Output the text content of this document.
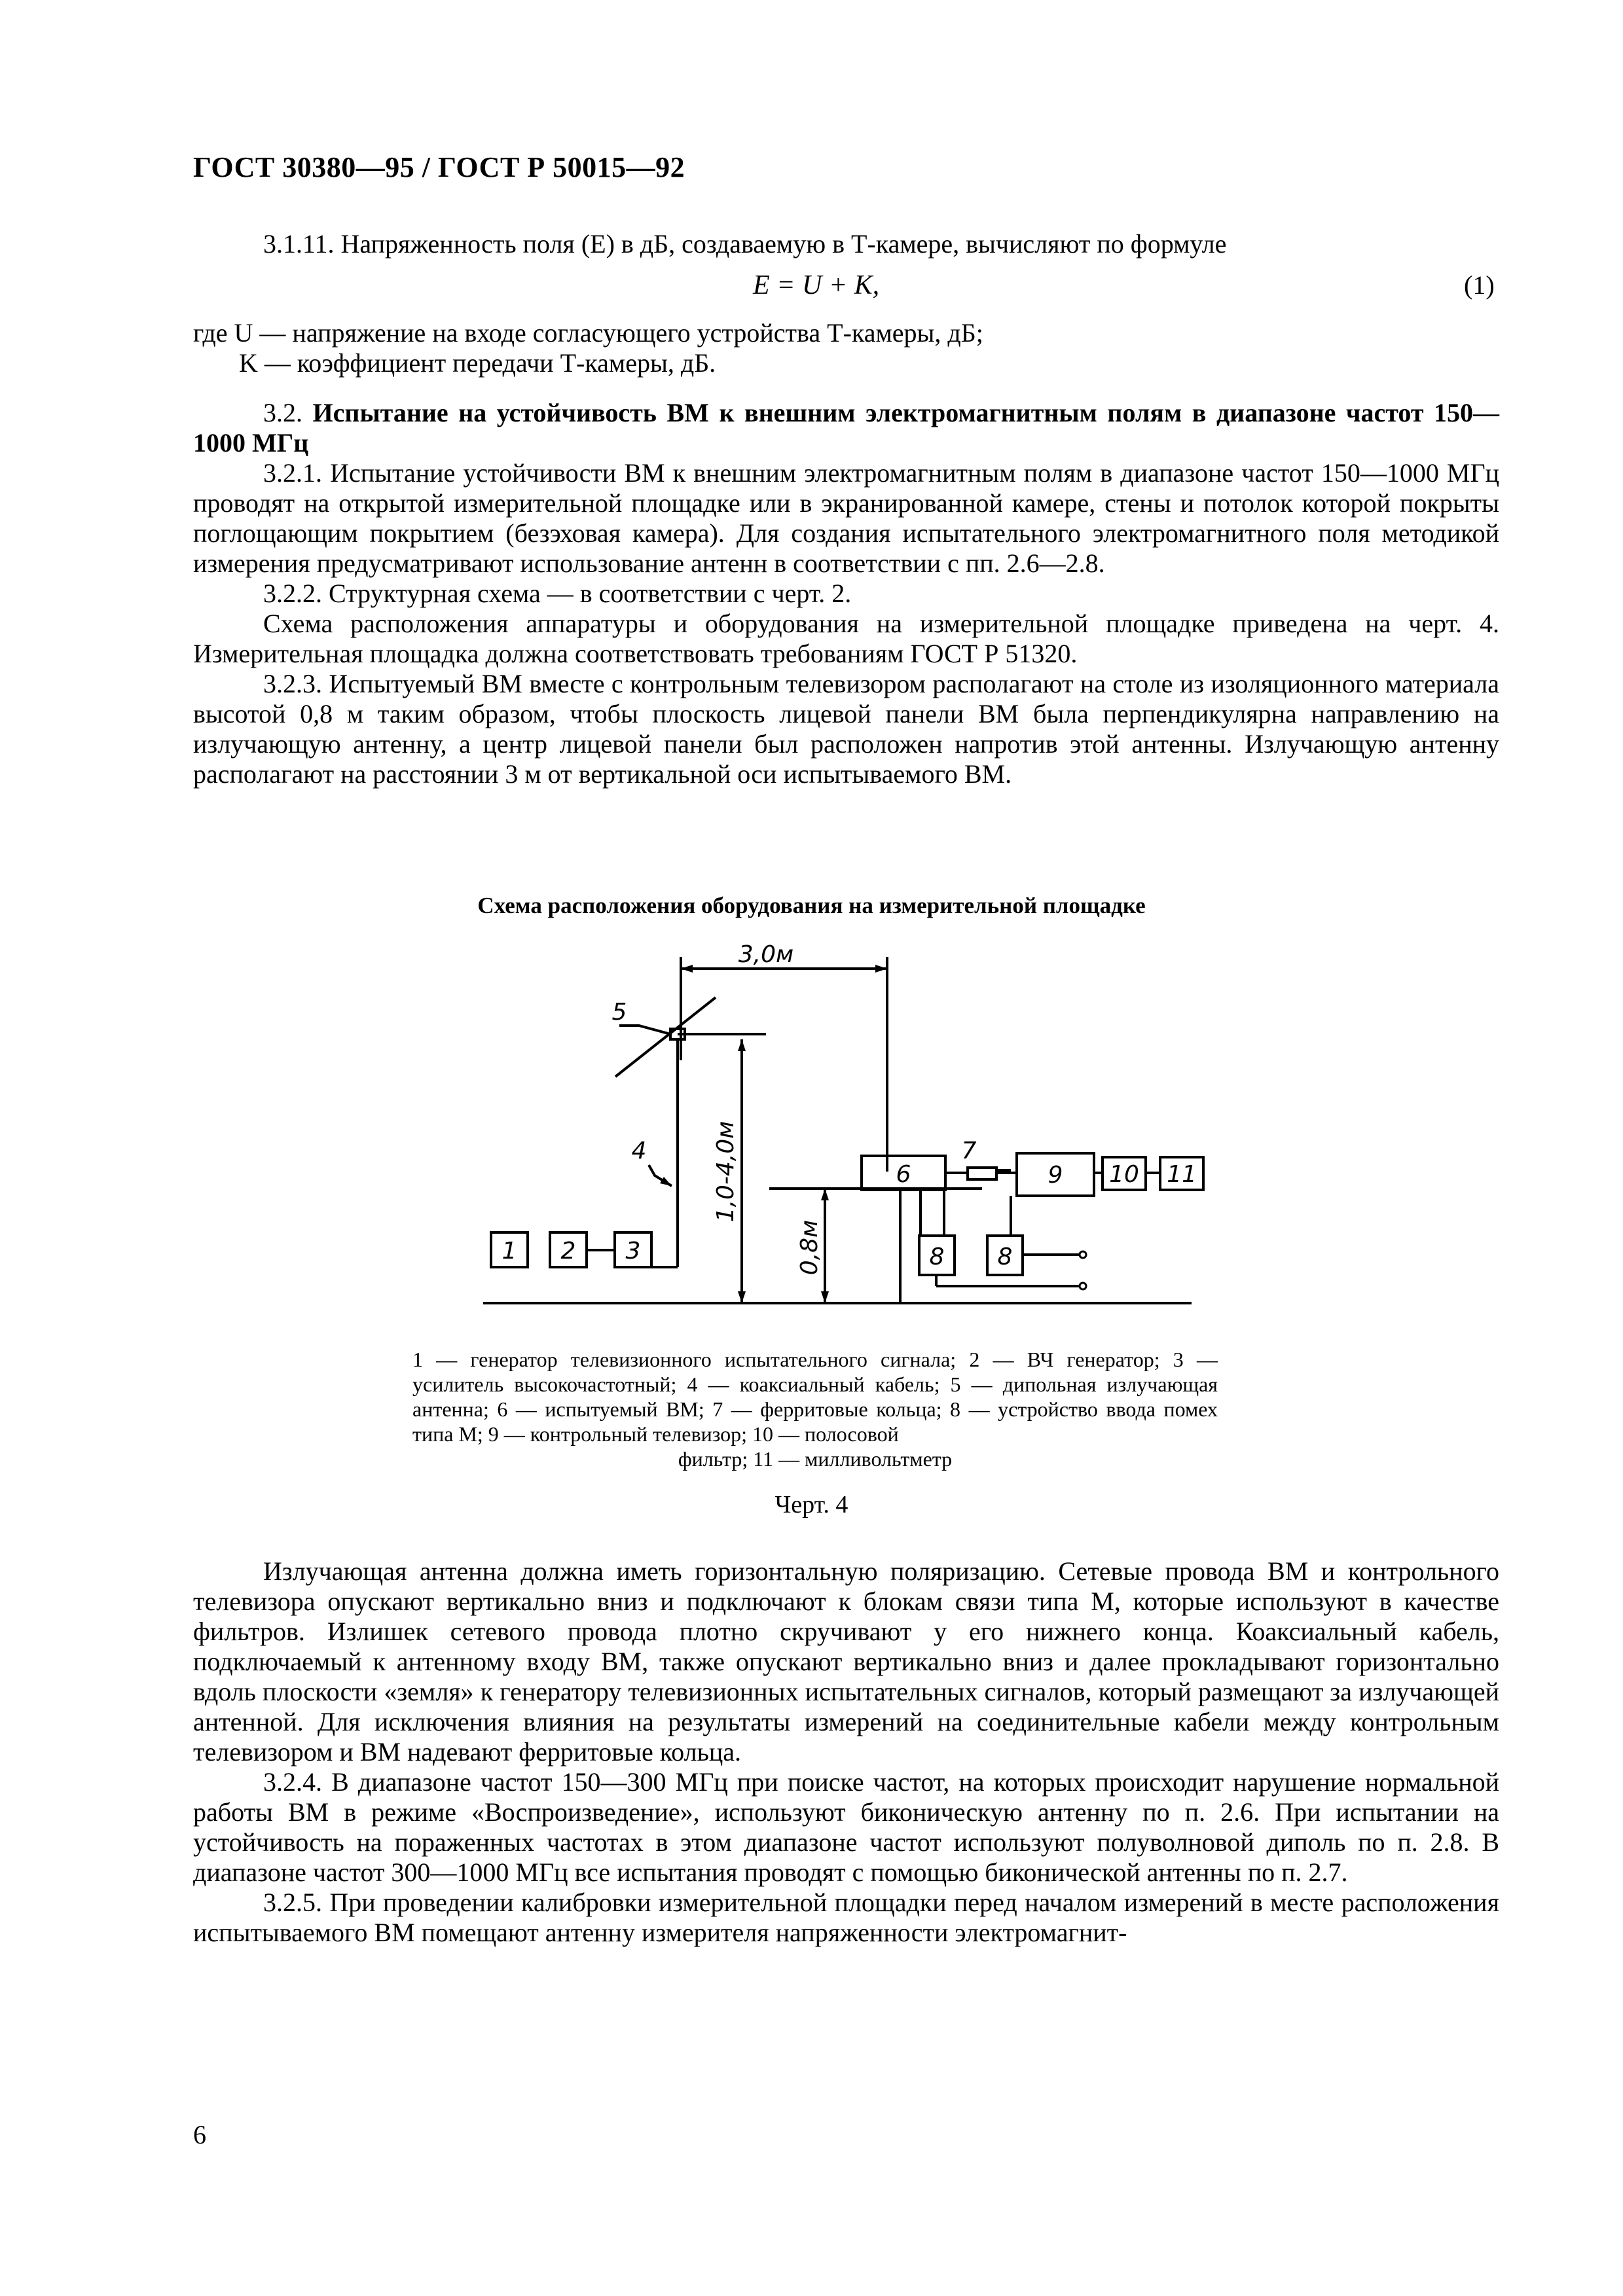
ГОСТ 30380—95 / ГОСТ Р 50015—92

3.1.11. Напряженность поля (E) в дБ, создаваемую в Т-камере, вычисляют по формуле

E = U + K,	(1)

где U — напряжение на входе согласующего устройства Т-камеры, дБ;

K — коэффициент передачи Т-камеры, дБ.

3.2. Испытание на устойчивость ВМ к внешним электромагнитным полям в диапазоне частот 150—1000 МГц

3.2.1. Испытание устойчивости ВМ к внешним электромагнитным полям в диапазоне частот 150—1000 МГц проводят на открытой измерительной площадке или в экранированной камере, стены и потолок которой покрыты поглощающим покрытием (безэховая камера). Для создания испытательного электромагнитного поля методикой измерения предусматривают использование антенн в соответствии с пп. 2.6—2.8.

3.2.2. Структурная схема — в соответствии с черт. 2.

Схема расположения аппаратуры и оборудования на измерительной площадке приведена на черт. 4. Измерительная площадка должна соответствовать требованиям ГОСТ Р 51320.

3.2.3. Испытуемый ВМ вместе с контрольным телевизором располагают на столе из изоляционного материала высотой 0,8 м таким образом, чтобы плоскость лицевой панели ВМ была перпендикулярна направлению на излучающую антенну, а центр лицевой панели был расположен напротив этой антенны. Излучающую антенну располагают на расстоянии 3 м от вертикальной оси испытываемого ВМ.

Схема расположения оборудования на измерительной площадке
3,0м
1,0-4,0м
0,8м
1 2 3
4
5
6
7
8 8
9 10 11

1 — генератор телевизионного испытательного сигнала; 2 — ВЧ генератор; 3 — усилитель высокочастотный; 4 — коаксиальный кабель; 5 — дипольная излучающая антенна; 6 — испытуемый ВМ; 7 — ферритовые кольца; 8 — устройство ввода помех типа М; 9 — контрольный телевизор; 10 — полосовой

фильтр; 11 — милливольтметр

Черт. 4

Излучающая антенна должна иметь горизонтальную поляризацию. Сетевые провода ВМ и контрольного телевизора опускают вертикально вниз и подключают к блокам связи типа М, которые используют в качестве фильтров. Излишек сетевого провода плотно скручивают у его нижнего конца. Коаксиальный кабель, подключаемый к антенному входу ВМ, также опускают вертикально вниз и далее прокладывают горизонтально вдоль плоскости «земля» к генератору телевизионных испытательных сигналов, который размещают за излучающей антенной. Для исключения влияния на результаты измерений на соединительные кабели между контрольным телевизором и ВМ надевают ферритовые кольца.

3.2.4. В диапазоне частот 150—300 МГц при поиске частот, на которых происходит нарушение нормальной работы ВМ в режиме «Воспроизведение», используют биконическую антенну по п. 2.6. При испытании на устойчивость на пораженных частотах в этом диапазоне частот используют полуволновой диполь по п. 2.8. В диапазоне частот 300—1000 МГц все испытания проводят с помощью биконической антенны по п. 2.7.

3.2.5. При проведении калибровки измерительной площадки перед началом измерений в месте расположения испытываемого ВМ помещают антенну измерителя напряженности электромагнит-

6
